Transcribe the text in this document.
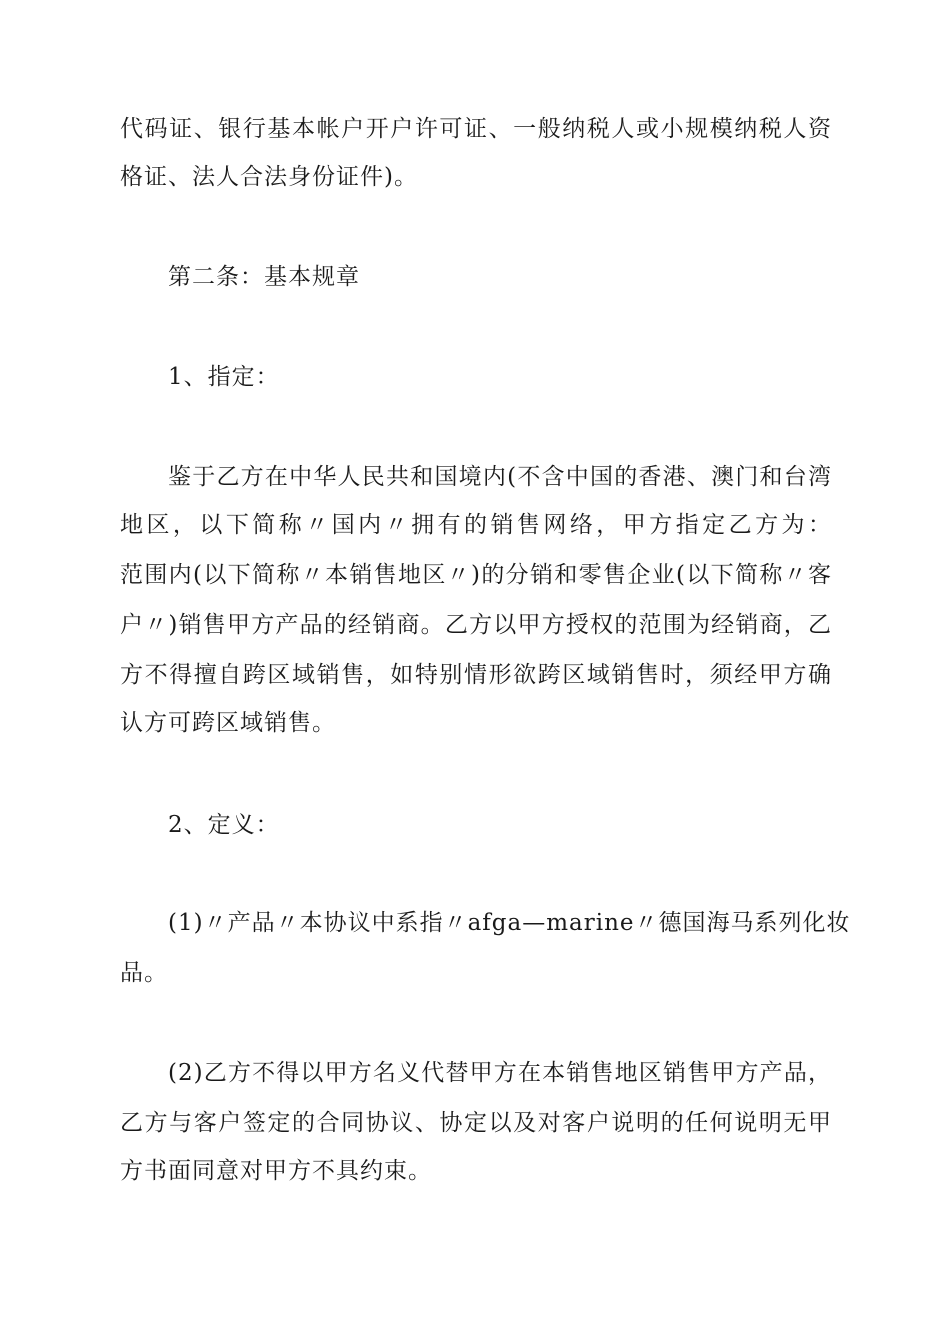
代码证、银行基本帐户开户许可证、一般纳税人或小规模纳税人资
格证、法人合法身份证件)。
第二条：基本规章
1、指定：
鉴于乙方在中华人民共和国境内(不含中国的香港、澳门和台湾
地区，以下简称〃国内〃拥有的销售网络，甲方指定乙方为：
范围内(以下简称〃本销售地区〃)的分销和零售企业(以下简称〃客
户〃)销售甲方产品的经销商。乙方以甲方授权的范围为经销商，乙
方不得擅自跨区域销售，如特别情形欲跨区域销售时，须经甲方确
认方可跨区域销售。
2、定义：
(1)〃产品〃本协议中系指〃afga—marine〃德国海马系列化妆
品。
(2)乙方不得以甲方名义代替甲方在本销售地区销售甲方产品，
乙方与客户签定的合同协议、协定以及对客户说明的任何说明无甲
方书面同意对甲方不具约束。
